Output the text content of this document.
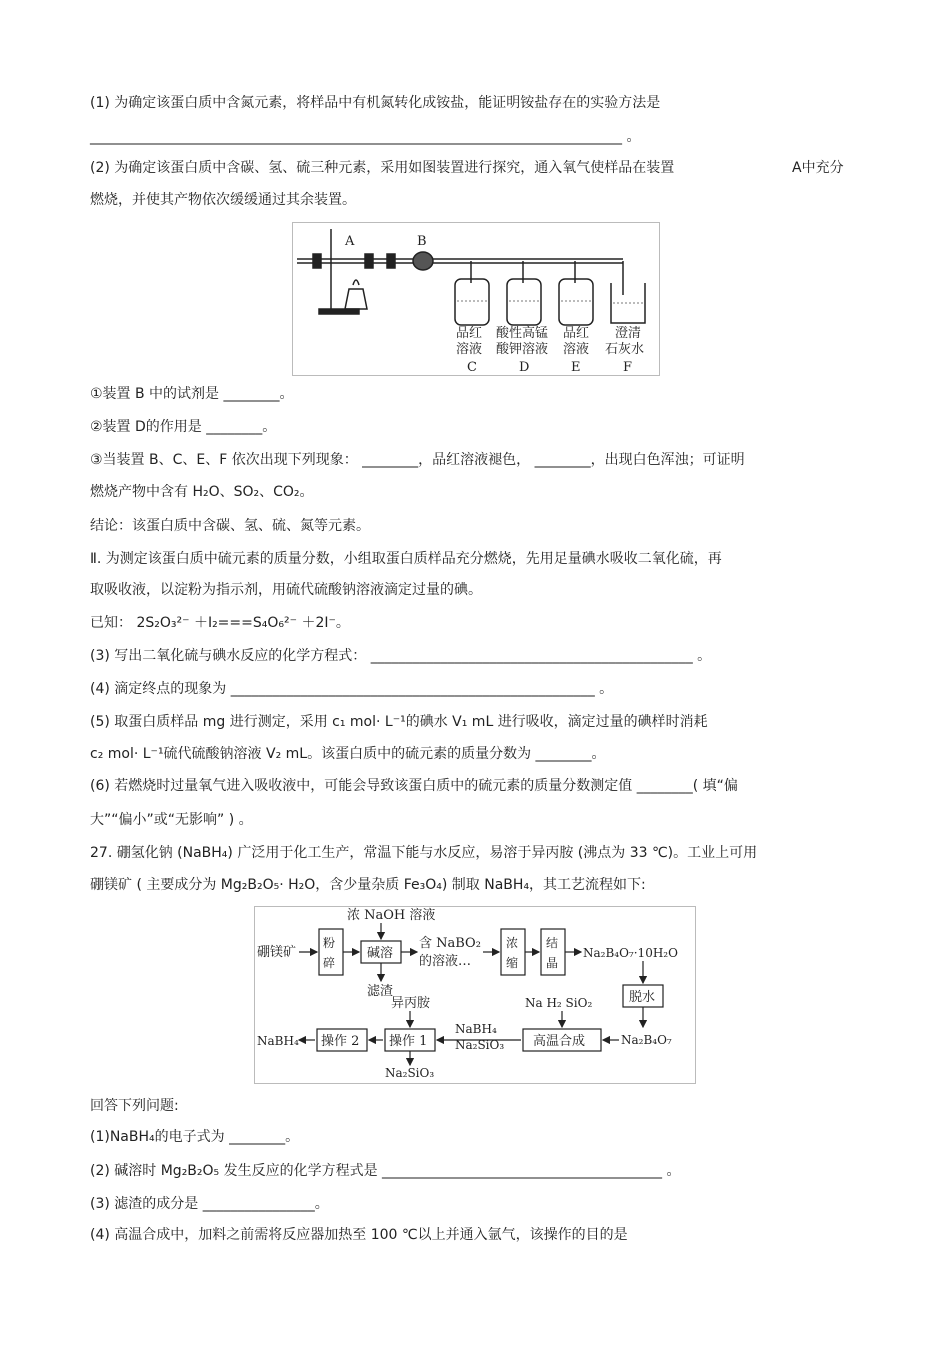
(1) 为确定该蛋白质中含氮元素，将样品中有机氮转化成铵盐，能证明铵盐存在的实验方法是
____________________________________________________________________________ 。
(2) 为确定该蛋白质中含碳、氢、硫三种元素，采用如图装置进行探究，通入氧气使样品在装置	A中充分
燃烧，并使其产物依次缓缓通过其余装置。
A	B
品红
溶液
C
酸性高锰
酸钾溶液
D
品红
溶液
E
澄清
石灰水
F
①装置 B 中的试剂是 ________。
②装置 D的作用是 ________。
③当装置 B、C、E、F 依次出现下列现象： ________，品红溶液褪色， ________，出现白色浑浊；可证明
燃烧产物中含有 H₂O、SO₂、CO₂。
结论：该蛋白质中含碳、氢、硫、氮等元素。
Ⅱ. 为测定该蛋白质中硫元素的质量分数，小组取蛋白质样品充分燃烧，先用足量碘水吸收二氧化硫，再
取吸收液，以淀粉为指示剂，用硫代硫酸钠溶液滴定过量的碘。
已知： 2S₂O₃²⁻ ＋I₂===S₄O₆²⁻ ＋2I⁻。
(3) 写出二氧化硫与碘水反应的化学方程式： ______________________________________________ 。
(4) 滴定终点的现象为 ____________________________________________________ 。
(5) 取蛋白质样品 mg 进行测定，采用 c₁ mol· L⁻¹的碘水 V₁ mL 进行吸收，滴定过量的碘样时消耗
c₂ mol· L⁻¹硫代硫酸钠溶液 V₂ mL。该蛋白质中的硫元素的质量分数为 ________。
(6) 若燃烧时过量氧气进入吸收液中，可能会导致该蛋白质中的硫元素的质量分数测定值 ________( 填“偏
大”“偏小”或“无影响” ) 。
27. 硼氢化钠 (NaBH₄) 广泛用于化工生产，常温下能与水反应，易溶于异丙胺 (沸点为 33 ℃)。工业上可用
硼镁矿 ( 主要成分为 Mg₂B₂O₅· H₂O，含少量杂质 Fe₃O₄) 制取 NaBH₄，其工艺流程如下:
硼镁矿
浓 NaOH 溶液
粉
碎
碱溶
含 NaBO₂
的溶液…
滤渣
浓
缩
结
晶
Na₂B₄O₇·10H₂O
脱水
Na₂B₄O₇
Na H₂ SiO₂
高温合成
NaBH₄
Na₂SiO₃
异丙胺
操作 1
操作 2
NaBH₄
Na₂SiO₃
回答下列问题:
(1)NaBH₄的电子式为 ________。
(2) 碱溶时 Mg₂B₂O₅ 发生反应的化学方程式是 ________________________________________ 。
(3) 滤渣的成分是 ________________。
(4) 高温合成中，加料之前需将反应器加热至 100 ℃以上并通入氩气，该操作的目的是
